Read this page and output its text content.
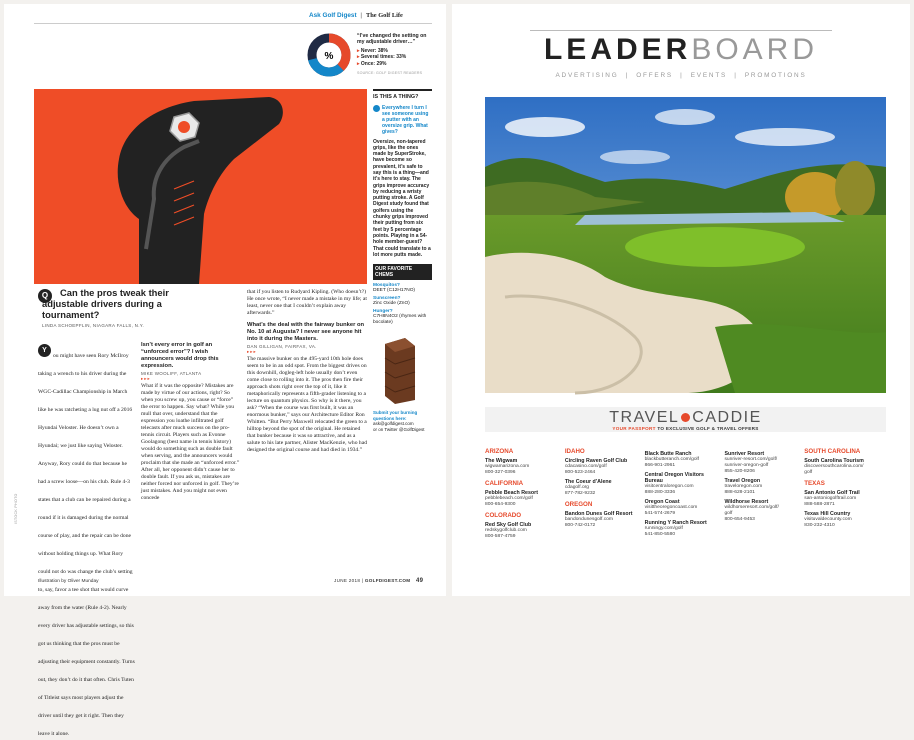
Ask Golf Digest | The Golf Life
%
“I’ve changed the setting on my adjustable driver…”
▸ Never: 38%
▸ Several times: 33%
▸ Once: 29%
SOURCE: GOLF DIGEST READERS
IS THIS A THING?
Everywhere I turn I see someone using a putter with an oversize grip. What gives?
Oversize, non-tapered grips, like the ones made by SuperStroke, have become so prevalent, it’s safe to say this is a thing—and it’s here to stay. The grips improve accuracy by reducing a wristy putting stroke. A Golf Digest study found that golfers using the chunky grips improved their putting from six feet by 5 percentage points. Playing in a 54-hole member-guest? That could translate to a lot more putts made.
OUR FAVORITE CHEMS
Mosquitos?
DEET (C12H17NO)
Sunscreen?
Zinc Oxide (ZnO)
Hunger?
C7H8N4O2 (rhymes with bocolate)
Submit your burning questions here:
ask@golfdigest.com
or on Twitter @GolfDigest
Q	Can the pros tweak their adjustable drivers during a tournament?
LINDA SCHOEPFLIN, NIAGARA FALLS, N.Y.
Y
ou might have seen Rory McIlroy taking a wrench to his driver during the WGC-Cadillac Championship in March like he was ratcheting a lug nut off a 2016 Hyundai Veloster. He doesn’t own a Hyundai; we just like saying Veloster. Anyway, Rory could do that because he had a screw loose—on his club. Rule 4-3 states that a club can be repaired during a round if it is damaged during the normal course of play, and the repair can be done without holding things up. What Rory could not do was change the club’s setting to, say, favor a tee shot that would curve away from the water (Rule 4-2). Nearly every driver has adjustable settings, so this got us thinking that the pros must be adjusting their equipment constantly. Turns out, they don’t do it that often. Chris Tuten of Titleist says most players adjust the driver until they get it right. Then they leave it alone.
Isn’t every error in golf an “unforced error”? I wish announcers would drop this expression.
MIKE WOOLIFF, ATLANTA
▸▸▸
What if it was the opposite? Mistakes are made by virtue of our actions, right? So when you screw up, you cause or “force” the error to happen. Say what? While you mull that over, understand that the expression you loathe infiltrated golf telecasts after much success on the pro-tennis circuit. Players such as Evonne Goolagong (best name in tennis history) would do something such as double fault when serving, and the announcers would proclaim that she made an “unforced error.” After all, her opponent didn’t cause her to double fault. If you ask us, mistakes are neither forced nor unforced in golf. They’re just mistakes. And you might not even concede
that if you listen to Rudyard Kipling. (Who doesn’t?) He once wrote, “I never made a mistake in my life; at least, never one that I couldn’t explain away afterwards.”
What’s the deal with the fairway bunker on No. 10 at Augusta? I never see anyone hit into it during the Masters.
DAN GILLIGAN, FAIRFAX, VA.
▸▸▸
The massive bunker on the 495-yard 10th hole does seem to be in an odd spot. From the biggest drives on this downhill, dogleg-left hole usually don’t even come close to rolling into it. The pros then fire their approach shots right over the top of it, like it metaphorically represents a fifth-grader listening to a lecture on quantum physics. So why is it there, you ask? “When the course was first built, it was an enormous bunker,” says our Architecture Editor Ron Whitten. “But Perry Maxwell relocated the green to a hilltop beyond the spot of the original. He retained that bunker because it was so attractive, and as a salute to his late partner, Alister MacKenzie, who had designed the original course and had died in 1934.”
ISTOCK PHOTO
Illustration by Oliver Munday	JUNE 2018 | GOLFDIGEST.COM 49
LEADERBOARD
ADVERTISING  |  OFFERS  |  EVENTS  |  PROMOTIONS
TRAVEL CADDIE
YOUR PASSPORT TO EXCLUSIVE GOLF & TRAVEL OFFERS
ARIZONA
The Wigwam
wigwamarizona.com
800-327-0396
CALIFORNIA
Pebble Beach Resort
pebblebeach.com/golf
800-654-9300
COLORADO
Red Sky Golf Club
redskygolfclub.com
800-587-4759
IDAHO
Circling Raven Golf Club
cdacasino.com/golf
800-523-2464
The Coeur d’Alene
cdagolf.org
877-782-9232
OREGON
Bandon Dunes Golf Resort
bandondunesgolf.com
800-742-0172
Black Butte Ranch
blackbutteranch.com/golf
866-901-2961
Central Oregon Visitors Bureau
visitcentraloregon.com
888-280-3336
Oregon Coast
visittheoregoncoast.com
541-574-2679
Running Y Ranch Resort
runningy.com/golf
541-850-5580
Sunriver Resort
sunriver-resort.com/golf/
sunriver-oregon-golf
855-420-8206
Travel Oregon
traveloregon.com
888-628-2101
Wildhorse Resort
wildhorseresort.com/golf/
golf
800-654-9453
SOUTH CAROLINA
South Carolina Tourism
discoversouthcarolina.com/
golf
TEXAS
San Antonio Golf Trail
san-antoniogolftrail.com
888-588-2871
Texas Hill Country
visituvaldecounty.com
830-232-4310
